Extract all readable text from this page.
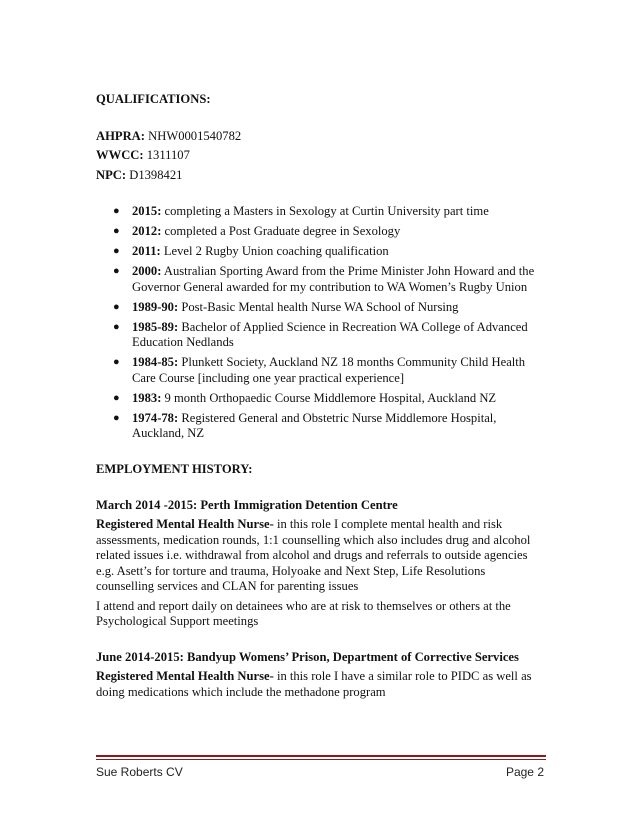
QUALIFICATIONS:

AHPRA: NHW0001540782

WWCC: 1311107

NPC: D1398421

● 2015: completing a Masters in Sexology at Curtin University part time
● 2012: completed a Post Graduate degree in Sexology
● 2011: Level 2 Rugby Union coaching qualification
● 2000: Australian Sporting Award from the Prime Minister John Howard and the Governor General awarded for my contribution to WA Women’s Rugby Union
● 1989-90: Post-Basic Mental health Nurse WA School of Nursing
● 1985-89: Bachelor of Applied Science in Recreation WA College of Advanced Education Nedlands
● 1984-85: Plunkett Society, Auckland NZ 18 months Community Child Health Care Course [including one year practical experience]
● 1983: 9 month Orthopaedic Course Middlemore Hospital, Auckland NZ
● 1974-78: Registered General and Obstetric Nurse Middlemore Hospital, Auckland, NZ

EMPLOYMENT HISTORY:

March 2014 -2015: Perth Immigration Detention Centre

Registered Mental Health Nurse- in this role I complete mental health and risk assessments, medication rounds, 1:1 counselling which also includes drug and alcohol related issues i.e. withdrawal from alcohol and drugs and referrals to outside agencies e.g. Asett’s for torture and trauma, Holyoake and Next Step, Life Resolutions counselling services and CLAN for parenting issues

I attend and report daily on detainees who are at risk to themselves or others at the Psychological Support meetings

June 2014-2015: Bandyup Womens’ Prison, Department of Corrective Services

Registered Mental Health Nurse- in this role I have a similar role to PIDC as well as doing medications which include the methadone program

Sue Roberts CV	Page 2
